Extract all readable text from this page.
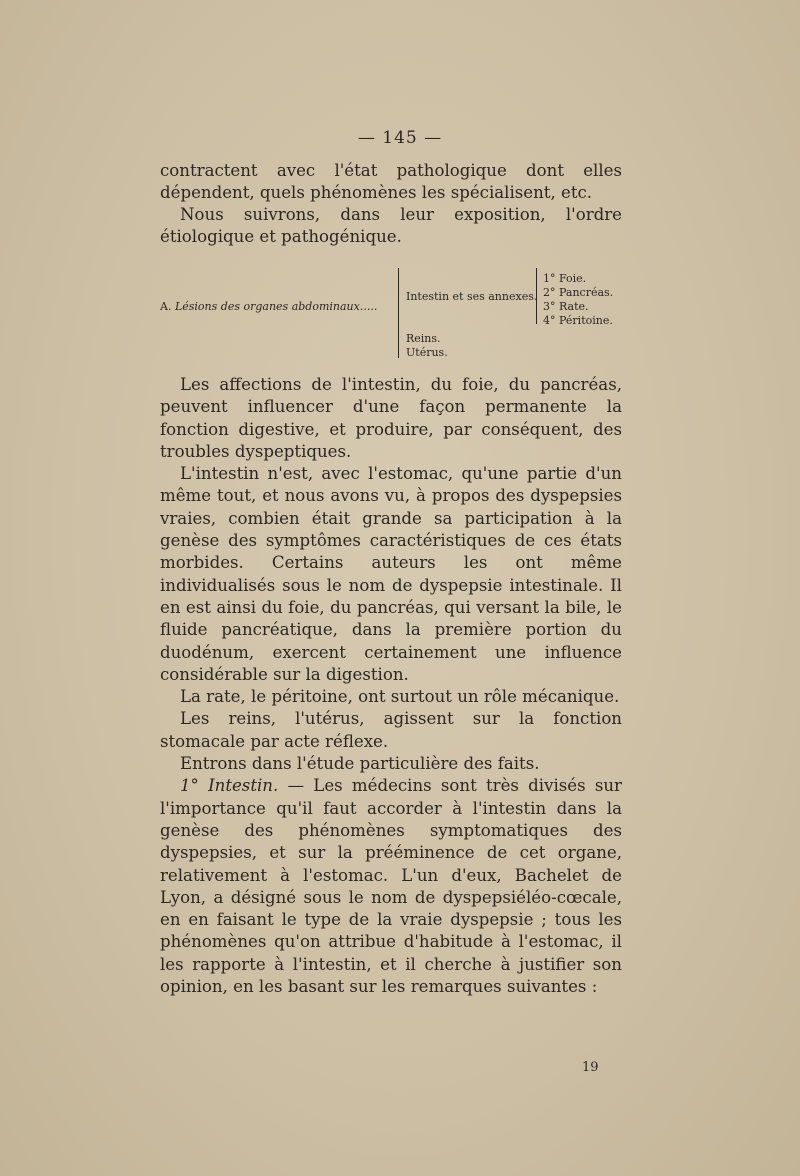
— 145 —

contractent avec l'état pathologique dont elles dépendent, quels phénomènes les spécialisent, etc.

Nous suivrons, dans leur exposition, l'ordre étiologique et pathogénique.

A. Lésions des organes abdominaux.....
Intestin et ses annexes.
Reins.
Utérus.
1° Foie.
2° Pancréas.
3° Rate.
4° Péritoine.

Les affections de l'intestin, du foie, du pancréas, peuvent influencer d'une façon permanente la fonction digestive, et produire, par conséquent, des troubles dyspeptiques.

L'intestin n'est, avec l'estomac, qu'une partie d'un même tout, et nous avons vu, à propos des dyspepsies vraies, combien était grande sa participation à la genèse des symptômes caractéristiques de ces états morbides. Certains auteurs les ont même individualisés sous le nom de dyspepsie intestinale. Il en est ainsi du foie, du pancréas, qui versant la bile, le fluide pancréatique, dans la première portion du duodénum, exercent certainement une influence considérable sur la digestion.

La rate, le péritoine, ont surtout un rôle mécanique.

Les reins, l'utérus, agissent sur la fonction stomacale par acte réflexe.

Entrons dans l'étude particulière des faits.

1° Intestin. — Les médecins sont très divisés sur l'importance qu'il faut accorder à l'intestin dans la genèse des phénomènes symptomatiques des dyspepsies, et sur la prééminence de cet organe, relativement à l'estomac. L'un d'eux, Bachelet de Lyon, a désigné sous le nom de dyspepsiéléo-cœcale, en en faisant le type de la vraie dyspepsie ; tous les phénomènes qu'on attribue d'habitude à l'estomac, il les rapporte à l'intestin, et il cherche à justifier son opinion, en les basant sur les remarques suivantes :

19
